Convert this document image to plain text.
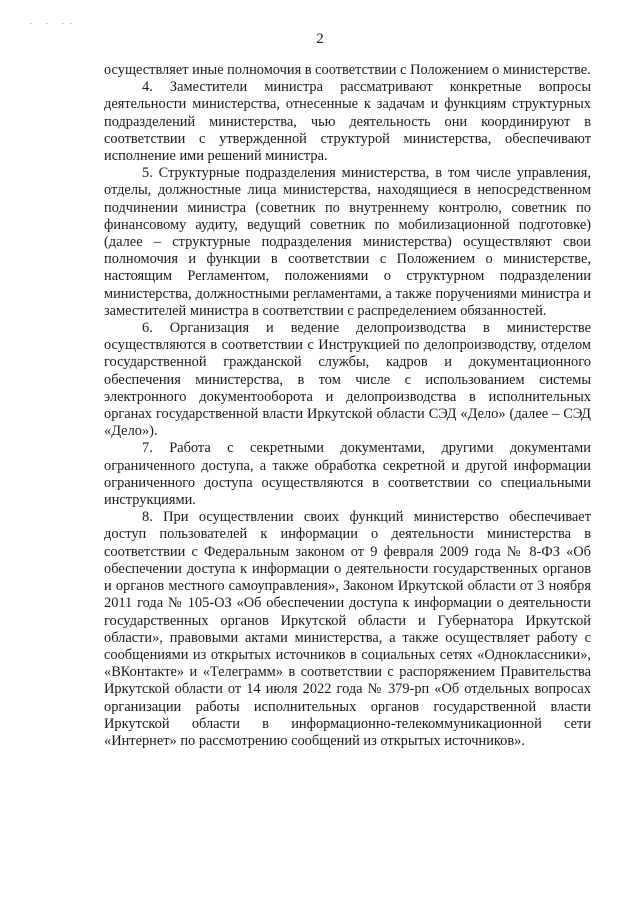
. . ..
2

осуществляет иные полномочия в соответствии с Положением о министерстве.

4. Заместители министра рассматривают конкретные вопросы деятельности министерства, отнесенные к задачам и функциям структурных подразделений министерства, чью деятельность они координируют в соответствии с утвержденной структурой министерства, обеспечивают исполнение ими решений министра.

5. Структурные подразделения министерства, в том числе управления, отделы, должностные лица министерства, находящиеся в непосредственном подчинении министра (советник по внутреннему контролю, советник по финансовому аудиту, ведущий советник по мобилизационной подготовке) (далее – структурные подразделения министерства) осуществляют свои полномочия и функции в соответствии с Положением о министерстве, настоящим Регламентом, положениями о структурном подразделении министерства, должностными регламентами, а также поручениями министра и заместителей министра в соответствии с распределением обязанностей.

6. Организация и ведение делопроизводства в министерстве осуществляются в соответствии с Инструкцией по делопроизводству, отделом государственной гражданской службы, кадров и документационного обеспечения министерства, в том числе с использованием системы электронного документооборота и делопроизводства в исполнительных органах государственной власти Иркутской области СЭД «Дело» (далее – СЭД «Дело»).

7. Работа с секретными документами, другими документами ограниченного доступа, а также обработка секретной и другой информации ограниченного доступа осуществляются в соответствии со специальными инструкциями.

8. При осуществлении своих функций министерство обеспечивает доступ пользователей к информации о деятельности министерства в соответствии с Федеральным законом от 9 февраля 2009 года № 8-ФЗ «Об обеспечении доступа к информации о деятельности государственных органов и органов местного самоуправления», Законом Иркутской области от 3 ноября 2011 года № 105-ОЗ «Об обеспечении доступа к информации о деятельности государственных органов Иркутской области и Губернатора Иркутской области», правовыми актами министерства, а также осуществляет работу с сообщениями из открытых источников в социальных сетях «Одноклассники», «ВКонтакте» и «Телеграмм» в соответствии с распоряжением Правительства Иркутской области от 14 июля 2022 года № 379-рп «Об отдельных вопросах организации работы исполнительных органов государственной власти Иркутской области в информационно-телекоммуникационной сети «Интернет» по рассмотрению сообщений из открытых источников».
